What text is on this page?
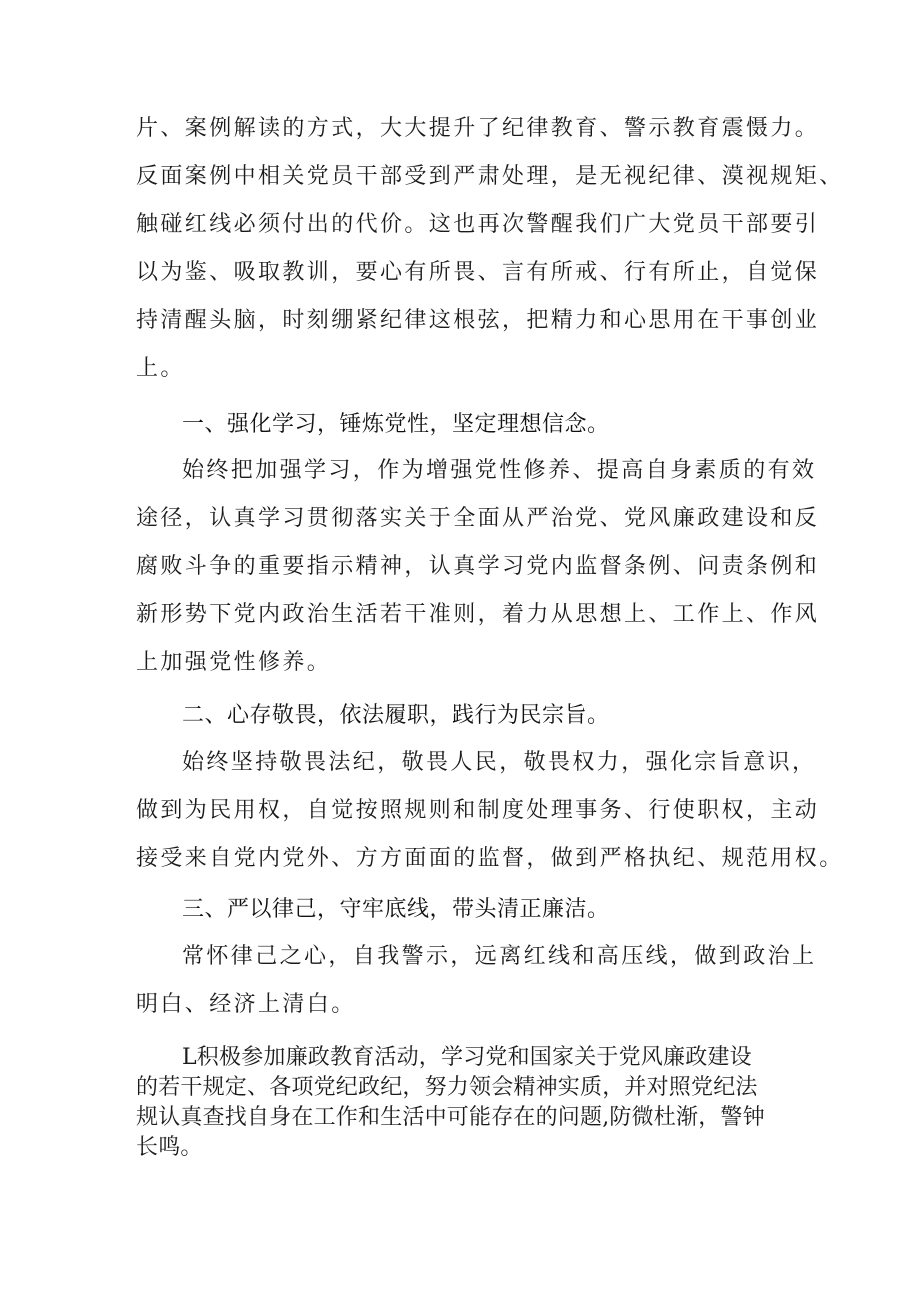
片、案例解读的方式，大大提升了纪律教育、警示教育震慑力。
反面案例中相关党员干部受到严肃处理，是无视纪律、漠视规矩、
触碰红线必须付出的代价。这也再次警醒我们广大党员干部要引
以为鉴、吸取教训，要心有所畏、言有所戒、行有所止，自觉保
持清醒头脑，时刻绷紧纪律这根弦，把精力和心思用在干事创业
上。
一、强化学习，锤炼党性，坚定理想信念。
始终把加强学习，作为增强党性修养、提高自身素质的有效
途径，认真学习贯彻落实关于全面从严治党、党风廉政建设和反
腐败斗争的重要指示精神，认真学习党内监督条例、问责条例和
新形势下党内政治生活若干准则，着力从思想上、工作上、作风
上加强党性修养。
二、心存敬畏，依法履职，践行为民宗旨。
始终坚持敬畏法纪，敬畏人民，敬畏权力，强化宗旨意识，
做到为民用权，自觉按照规则和制度处理事务、行使职权，主动
接受来自党内党外、方方面面的监督，做到严格执纪、规范用权。
三、严以律己，守牢底线，带头清正廉洁。
常怀律己之心，自我警示，远离红线和高压线，做到政治上
明白、经济上清白。
L积极参加廉政教育活动，学习党和国家关于党风廉政建设
的若干规定、各项党纪政纪，努力领会精神实质，并对照党纪法
规认真查找自身在工作和生活中可能存在的问题,防微杜渐，警钟
长鸣。
